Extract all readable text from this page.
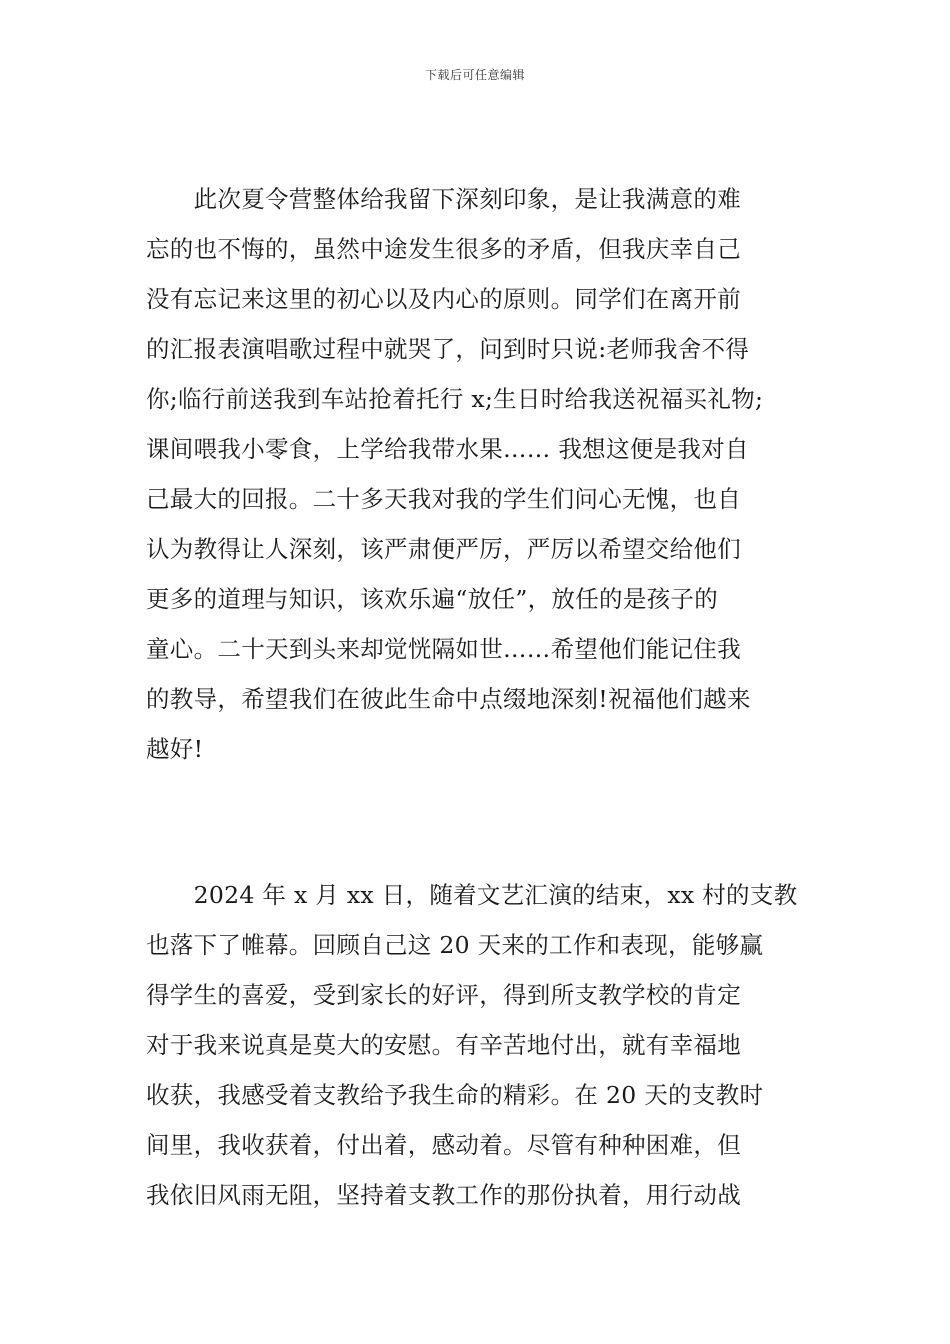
下载后可任意编辑
　　此次夏令营整体给我留下深刻印象，是让我满意的难
忘的也不悔的，虽然中途发生很多的矛盾，但我庆幸自己
没有忘记来这里的初心以及内心的原则。同学们在离开前
的汇报表演唱歌过程中就哭了，问到时只说:老师我舍不得
你;临行前送我到车站抢着托行 x;生日时给我送祝福买礼物;
课间喂我小零食，上学给我带水果…… 我想这便是我对自
己最大的回报。二十多天我对我的学生们问心无愧，也自
认为教得让人深刻，该严肃便严厉，严厉以希望交给他们
更多的道理与知识，该欢乐遍“放任”，放任的是孩子的
童心。二十天到头来却觉恍隔如世……希望他们能记住我
的教导，希望我们在彼此生命中点缀地深刻!祝福他们越来
越好!
　　2024 年 x 月 xx 日，随着文艺汇演的结束，xx 村的支教
也落下了帷幕。回顾自己这 20 天来的工作和表现，能够赢
得学生的喜爱，受到家长的好评，得到所支教学校的肯定
对于我来说真是莫大的安慰。有辛苦地付出，就有幸福地
收获，我感受着支教给予我生命的精彩。在 20 天的支教时
间里，我收获着，付出着，感动着。尽管有种种困难，但
我依旧风雨无阻，坚持着支教工作的那份执着，用行动战
